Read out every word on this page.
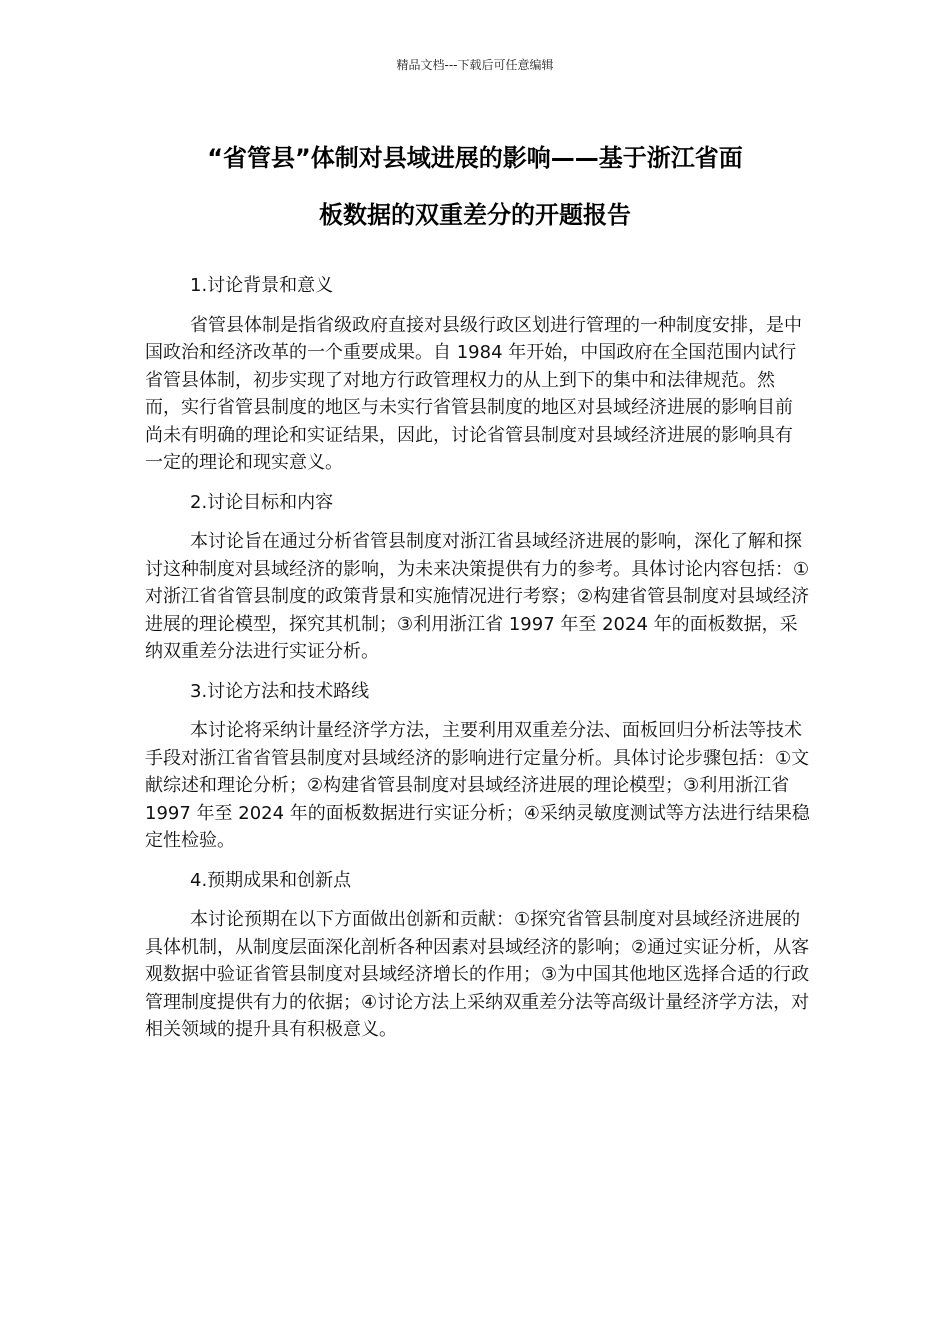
精品文档---下载后可任意编辑
“省管县”体制对县域进展的影响——基于浙江省面
板数据的双重差分的开题报告

1.讨论背景和意义

省管县体制是指省级政府直接对县级行政区划进行管理的一种制度安排，是中国政治和经济改革的一个重要成果。自 1984 年开始，中国政府在全国范围内试行省管县体制，初步实现了对地方行政管理权力的从上到下的集中和法律规范。然而，实行省管县制度的地区与未实行省管县制度的地区对县域经济进展的影响目前尚未有明确的理论和实证结果，因此，讨论省管县制度对县域经济进展的影响具有一定的理论和现实意义。

2.讨论目标和内容

本讨论旨在通过分析省管县制度对浙江省县域经济进展的影响，深化了解和探讨这种制度对县域经济的影响，为未来决策提供有力的参考。具体讨论内容包括：①对浙江省省管县制度的政策背景和实施情况进行考察；②构建省管县制度对县域经济进展的理论模型，探究其机制；③利用浙江省 1997 年至 2024 年的面板数据，采纳双重差分法进行实证分析。

3.讨论方法和技术路线

本讨论将采纳计量经济学方法，主要利用双重差分法、面板回归分析法等技术手段对浙江省省管县制度对县域经济的影响进行定量分析。具体讨论步骤包括：①文献综述和理论分析；②构建省管县制度对县域经济进展的理论模型；③利用浙江省 1997 年至 2024 年的面板数据进行实证分析；④采纳灵敏度测试等方法进行结果稳定性检验。

4.预期成果和创新点

本讨论预期在以下方面做出创新和贡献：①探究省管县制度对县域经济进展的具体机制，从制度层面深化剖析各种因素对县域经济的影响；②通过实证分析，从客观数据中验证省管县制度对县域经济增长的作用；③为中国其他地区选择合适的行政管理制度提供有力的依据；④讨论方法上采纳双重差分法等高级计量经济学方法，对相关领域的提升具有积极意义。
